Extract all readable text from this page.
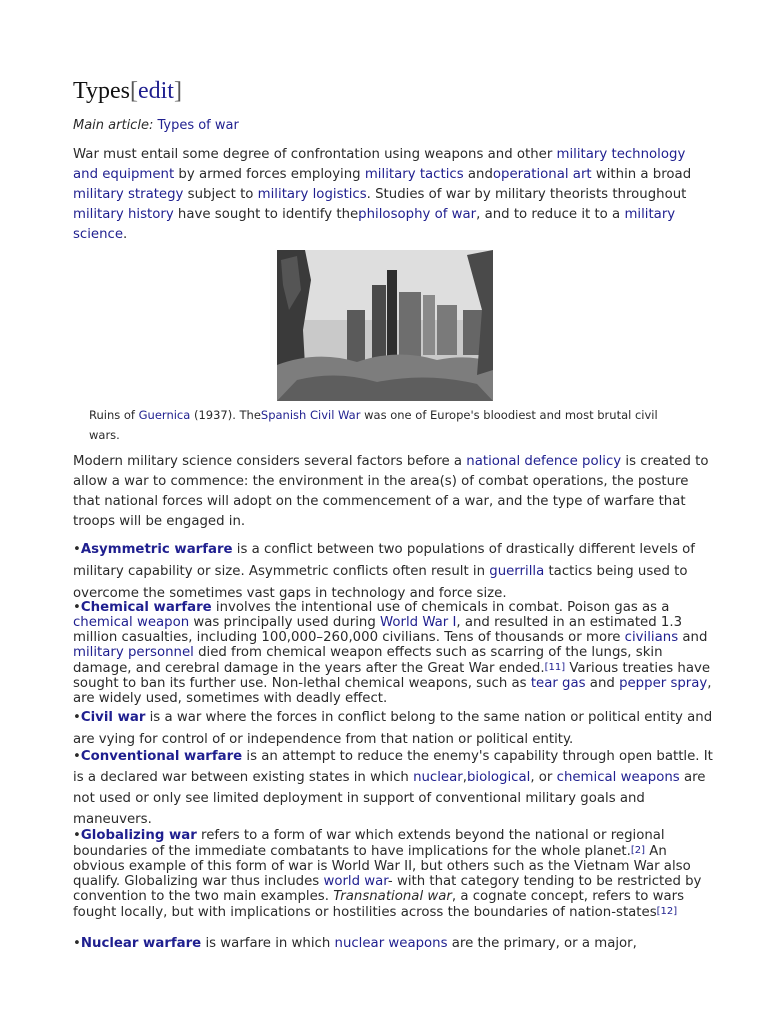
Types[edit]

Main article: Types of war

War must entail some degree of confrontation using weapons and other military technology and equipment by armed forces employing military tactics andoperational art within a broad military strategy subject to military logistics. Studies of war by military theorists throughout military history have sought to identify thephilosophy of war, and to reduce it to a military science.

Ruins of Guernica (1937). TheSpanish Civil War was one of Europe's bloodiest and most brutal civil wars.

Modern military science considers several factors before a national defence policy is created to allow a war to commence: the environment in the area(s) of combat operations, the posture that national forces will adopt on the commencement of a war, and the type of warfare that troops will be engaged in.

•Asymmetric warfare is a conflict between two populations of drastically different levels of military capability or size. Asymmetric conflicts often result in guerrilla tactics being used to overcome the sometimes vast gaps in technology and force size.

•Chemical warfare involves the intentional use of chemicals in combat. Poison gas as a chemical weapon was principally used during World War I, and resulted in an estimated 1.3 million casualties, including 100,000–260,000 civilians. Tens of thousands or more civilians and military personnel died from chemical weapon effects such as scarring of the lungs, skin damage, and cerebral damage in the years after the Great War ended.[11] Various treaties have sought to ban its further use. Non-lethal chemical weapons, such as tear gas and pepper spray, are widely used, sometimes with deadly effect.

•Civil war is a war where the forces in conflict belong to the same nation or political entity and are vying for control of or independence from that nation or political entity.

•Conventional warfare is an attempt to reduce the enemy's capability through open battle. It is a declared war between existing states in which nuclear,biological, or chemical weapons are not used or only see limited deployment in support of conventional military goals and maneuvers.

•Globalizing war refers to a form of war which extends beyond the national or regional boundaries of the immediate combatants to have implications for the whole planet.[2] An obvious example of this form of war is World War II, but others such as the Vietnam War also qualify. Globalizing war thus includes world war- with that category tending to be restricted by convention to the two main examples. Transnational war, a cognate concept, refers to wars fought locally, but with implications or hostilities across the boundaries of nation-states[12]

•Nuclear warfare is warfare in which nuclear weapons are the primary, or a major,
